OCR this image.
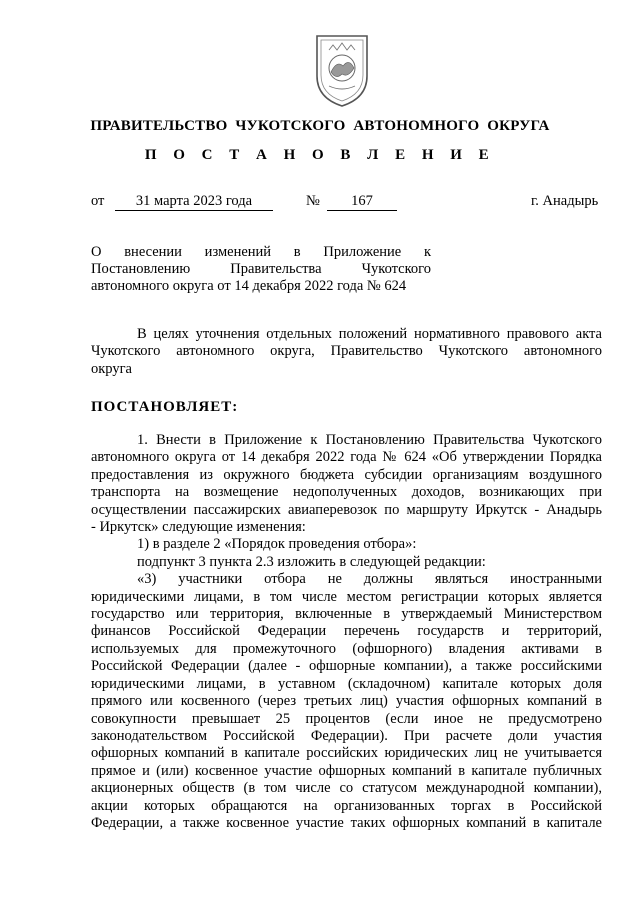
ПРАВИТЕЛЬСТВО ЧУКОТСКОГО АВТОНОМНОГО ОКРУГА
П О С Т А Н О В Л Е Н И Е
от	31 марта 2023 года	№	167	г. Анадырь
О внесении изменений в Приложение к
Постановлению Правительства Чукотского
автономного округа от 14 декабря 2022 года № 624
В целях уточнения отдельных положений нормативного правового акта
Чукотского автономного округа, Правительство Чукотского автономного
округа
ПОСТАНОВЛЯЕТ:
1. Внести в Приложение к Постановлению Правительства Чукотского
автономного округа от 14 декабря 2022 года № 624 «Об утверждении Порядка
предоставления из окружного бюджета субсидии организациям воздушного
транспорта на возмещение недополученных доходов, возникающих при
осуществлении пассажирских авиаперевозок по маршруту Иркутск - Анадырь
- Иркутск» следующие изменения:
1) в разделе 2 «Порядок проведения отбора»:
подпункт 3 пункта 2.3 изложить в следующей редакции:
«3) участники отбора не должны являться иностранными
юридическими лицами, в том числе местом регистрации которых является
государство или территория, включенные в утверждаемый Министерством
финансов Российской Федерации перечень государств и территорий,
используемых для промежуточного (офшорного) владения активами в
Российской Федерации (далее - офшорные компании), а также российскими
юридическими лицами, в уставном (складочном) капитале которых доля
прямого или косвенного (через третьих лиц) участия офшорных компаний в
совокупности превышает 25 процентов (если иное не предусмотрено
законодательством Российской Федерации). При расчете доли участия
офшорных компаний в капитале российских юридических лиц не учитывается
прямое и (или) косвенное участие офшорных компаний в капитале публичных
акционерных обществ (в том числе со статусом международной компании),
акции которых обращаются на организованных торгах в Российской
Федерации, а также косвенное участие таких офшорных компаний в капитале
